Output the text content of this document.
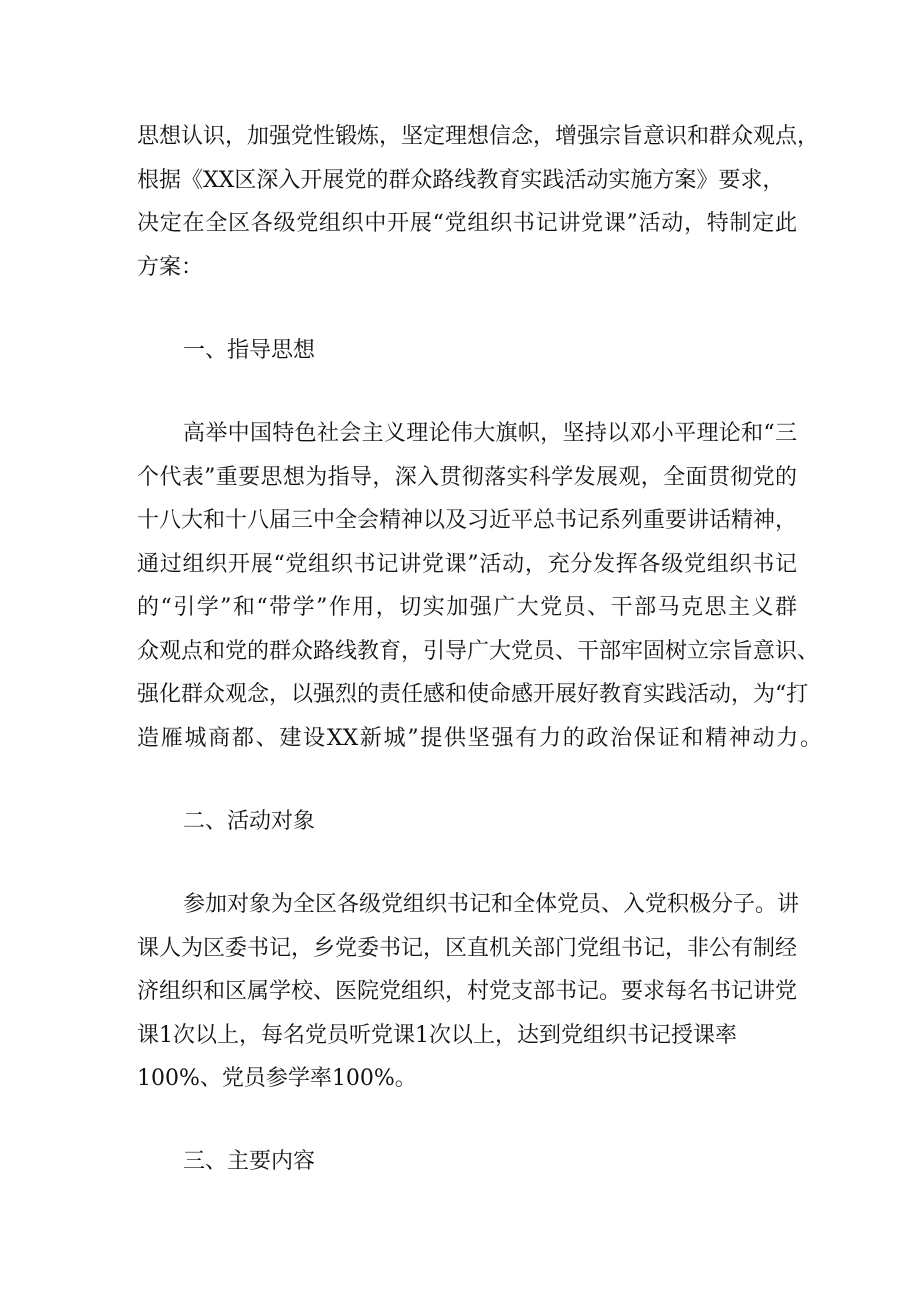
思想认识，加强党性锻炼，坚定理想信念，增强宗旨意识和群众观点，
根据《XX区深入开展党的群众路线教育实践活动实施方案》要求，
决定在全区各级党组织中开展“党组织书记讲党课”活动，特制定此
方案：
一、指导思想
高举中国特色社会主义理论伟大旗帜，坚持以邓小平理论和“三
个代表”重要思想为指导，深入贯彻落实科学发展观，全面贯彻党的
十八大和十八届三中全会精神以及习近平总书记系列重要讲话精神，
通过组织开展“党组织书记讲党课”活动，充分发挥各级党组织书记
的“引学”和“带学”作用，切实加强广大党员、干部马克思主义群
众观点和党的群众路线教育，引导广大党员、干部牢固树立宗旨意识、
强化群众观念，以强烈的责任感和使命感开展好教育实践活动，为“打
造雁城商都、建设XX新城”提供坚强有力的政治保证和精神动力。
二、活动对象
参加对象为全区各级党组织书记和全体党员、入党积极分子。讲
课人为区委书记，乡党委书记，区直机关部门党组书记，非公有制经
济组织和区属学校、医院党组织，村党支部书记。要求每名书记讲党
课1次以上，每名党员听党课1次以上，达到党组织书记授课率
100%、党员参学率100%。
三、主要内容
